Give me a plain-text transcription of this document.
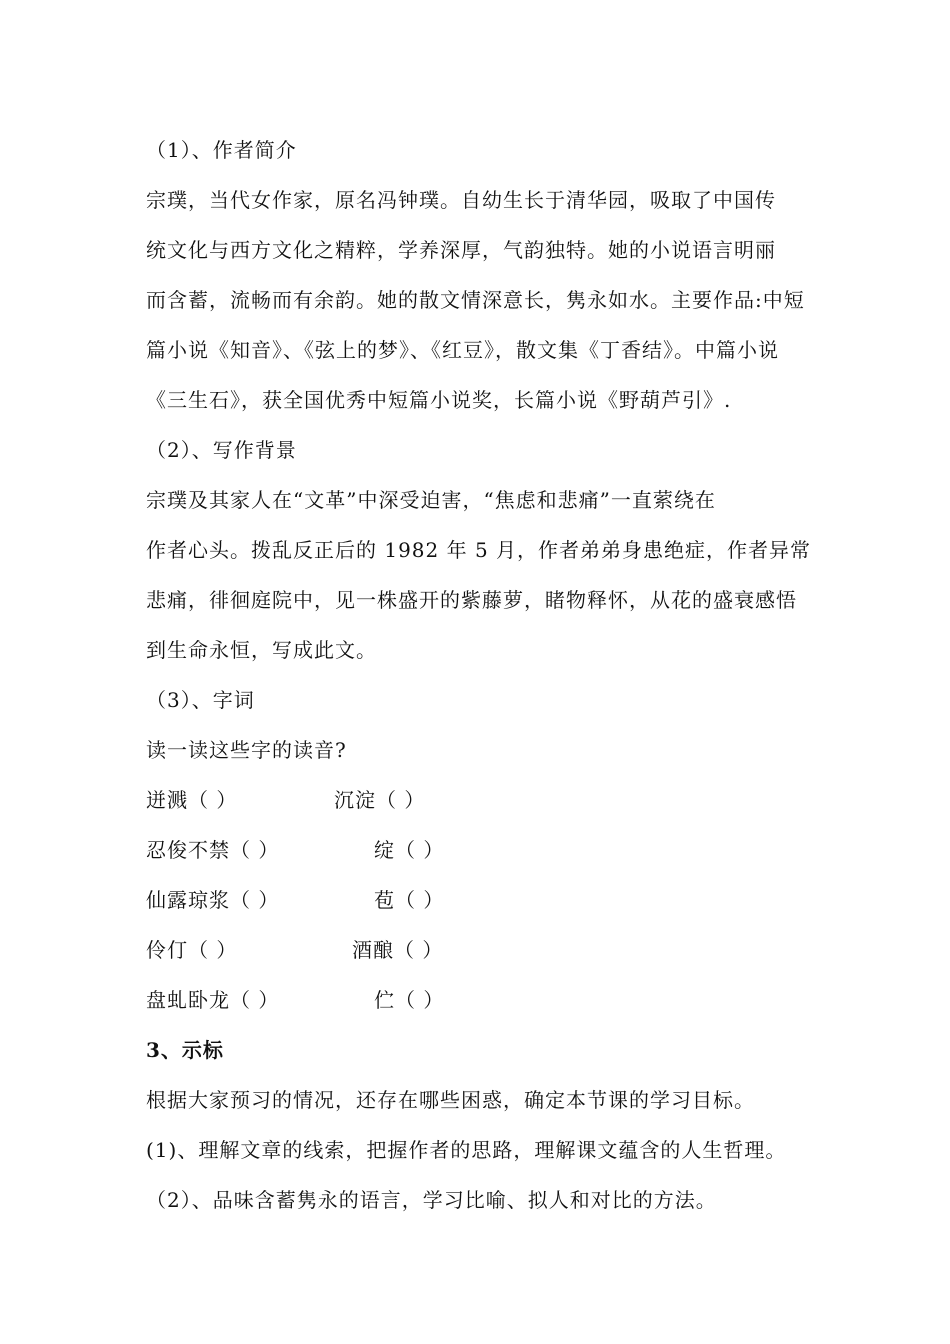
（1）、作者简介
宗璞，当代女作家，原名冯钟璞。自幼生长于清华园，吸取了中国传
统文化与西方文化之精粹，学养深厚，气韵独特。她的小说语言明丽
而含蓄，流畅而有余韵。她的散文情深意长，隽永如水。主要作品:中短
篇小说《知音》、《弦上的梦》、《红豆》，散文集《丁香结》。中篇小说
《三生石》，获全国优秀中短篇小说奖，长篇小说《野葫芦引》.
（2）、写作背景
宗璞及其家人在“文革”中深受迫害，“焦虑和悲痛”一直萦绕在
作者心头。拨乱反正后的 1982 年 5 月，作者弟弟身患绝症，作者异常
悲痛，徘徊庭院中，见一株盛开的紫藤萝，睹物释怀，从花的盛衰感悟
到生命永恒，写成此文。
（3）、字词
读一读这些字的读音?
迸溅（ ）	沉淀（ ）
忍俊不禁（ ）	绽（ ）
仙露琼浆（ ）	苞（ ）
伶仃（ ）	酒酿（ ）
盘虬卧龙（ ）	伫（ ）
3、示标
根据大家预习的情况，还存在哪些困惑，确定本节课的学习目标。
(1)、理解文章的线索，把握作者的思路，理解课文蕴含的人生哲理。
（2）、品味含蓄隽永的语言，学习比喻、拟人和对比的方法。
